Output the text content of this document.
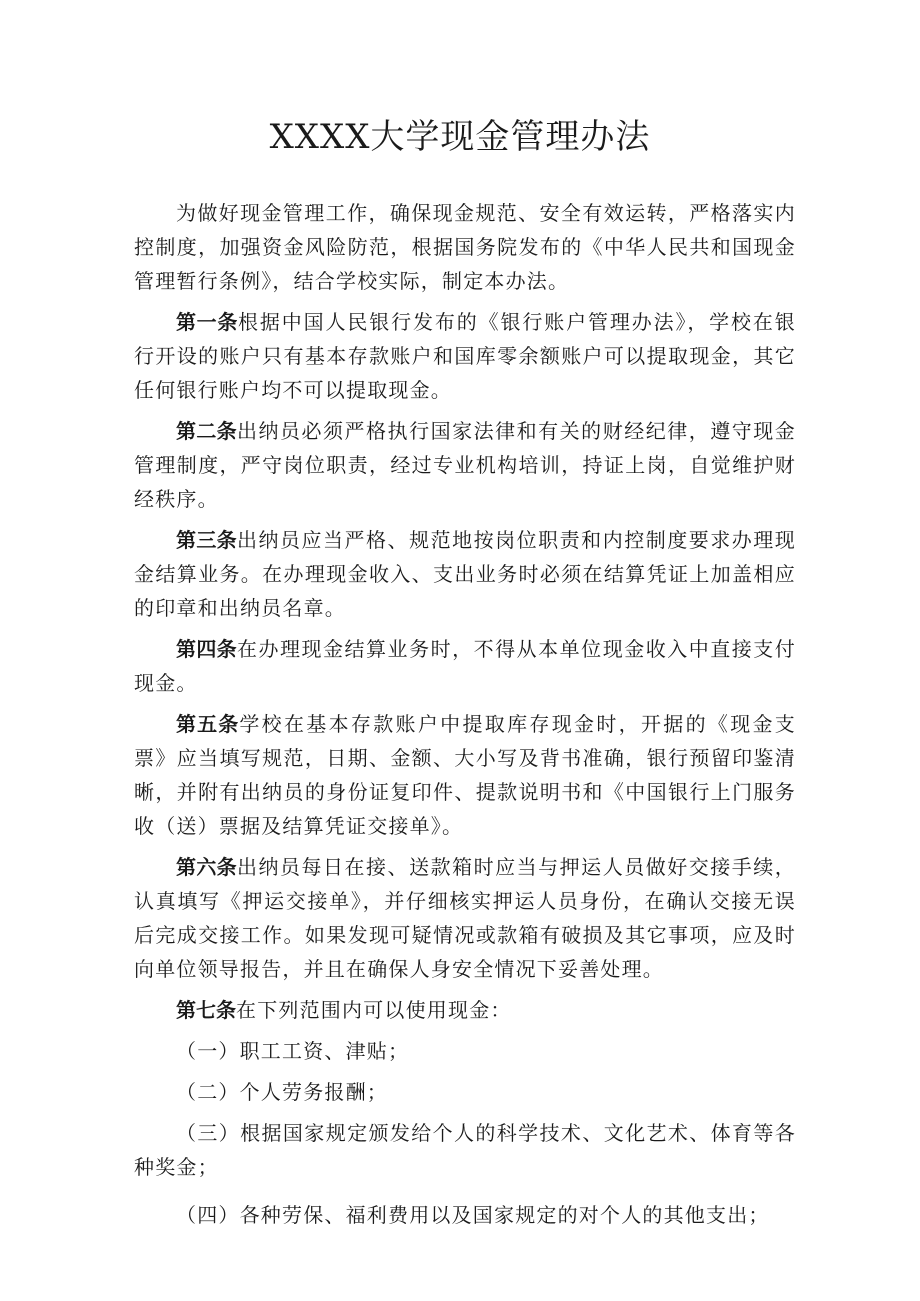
XXXX大学现金管理办法

为做好现金管理工作，确保现金规范、安全有效运转，严格落实内控制度，加强资金风险防范，根据国务院发布的《中华人民共和国现金管理暂行条例》，结合学校实际，制定本办法。

第一条根据中国人民银行发布的《银行账户管理办法》，学校在银行开设的账户只有基本存款账户和国库零余额账户可以提取现金，其它任何银行账户均不可以提取现金。

第二条出纳员必须严格执行国家法律和有关的财经纪律，遵守现金管理制度，严守岗位职责，经过专业机构培训，持证上岗，自觉维护财经秩序。

第三条出纳员应当严格、规范地按岗位职责和内控制度要求办理现金结算业务。在办理现金收入、支出业务时必须在结算凭证上加盖相应的印章和出纳员名章。

第四条在办理现金结算业务时，不得从本单位现金收入中直接支付现金。

第五条学校在基本存款账户中提取库存现金时，开据的《现金支票》应当填写规范，日期、金额、大小写及背书准确，银行预留印鉴清晰，并附有出纳员的身份证复印件、提款说明书和《中国银行上门服务收（送）票据及结算凭证交接单》。

第六条出纳员每日在接、送款箱时应当与押运人员做好交接手续，认真填写《押运交接单》，并仔细核实押运人员身份，在确认交接无误后完成交接工作。如果发现可疑情况或款箱有破损及其它事项，应及时向单位领导报告，并且在确保人身安全情况下妥善处理。

第七条在下列范围内可以使用现金：

（一）职工工资、津贴；

（二）个人劳务报酬；

（三）根据国家规定颁发给个人的科学技术、文化艺术、体育等各种奖金；

（四）各种劳保、福利费用以及国家规定的对个人的其他支出；
